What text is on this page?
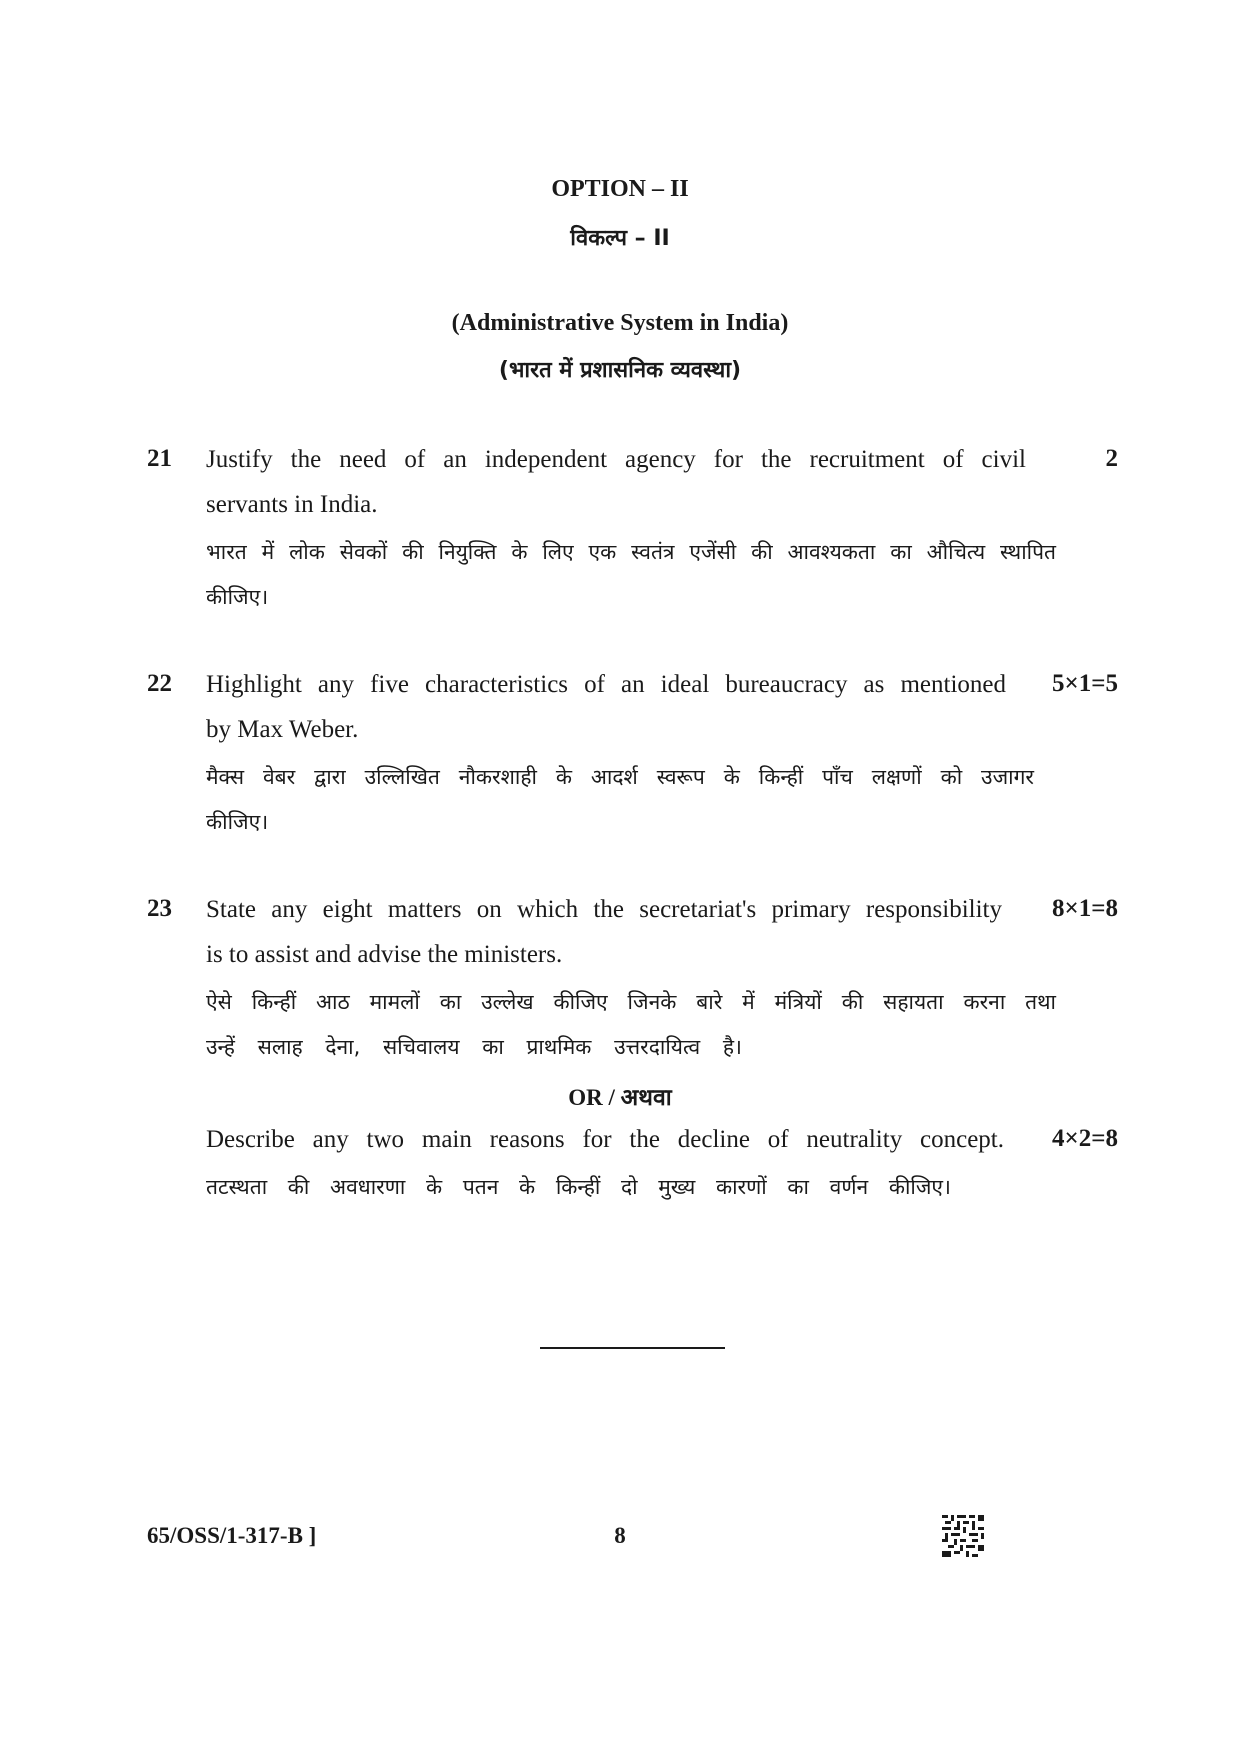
OPTION – II
विकल्प – II
(Administrative System in India)
(भारत में प्रशासनिक व्यवस्था)
21	2
Justify the need of an independent agency for the recruitment of civil
servants in India.
भारत में लोक सेवकों की नियुक्ति के लिए एक स्वतंत्र एजेंसी की आवश्यकता का औचित्य स्थापित
कीजिए।
22	5×1=5
Highlight any five characteristics of an ideal bureaucracy as mentioned
by Max Weber.
मैक्स वेबर द्वारा उल्लिखित नौकरशाही के आदर्श स्वरूप के किन्हीं पाँच लक्षणों को उजागर
कीजिए।
23	8×1=8
State any eight matters on which the secretariat's primary responsibility
is to assist and advise the ministers.
ऐसे किन्हीं आठ मामलों का उल्लेख कीजिए जिनके बारे में मंत्रियों की सहायता करना तथा
उन्हें सलाह देना, सचिवालय का प्राथमिक उत्तरदायित्व है।
OR / अथवा
4×2=8
Describe any two main reasons for the decline of neutrality concept.
तटस्थता की अवधारणा के पतन के किन्हीं दो मुख्य कारणों का वर्णन कीजिए।
65/OSS/1-317-B ]	8
